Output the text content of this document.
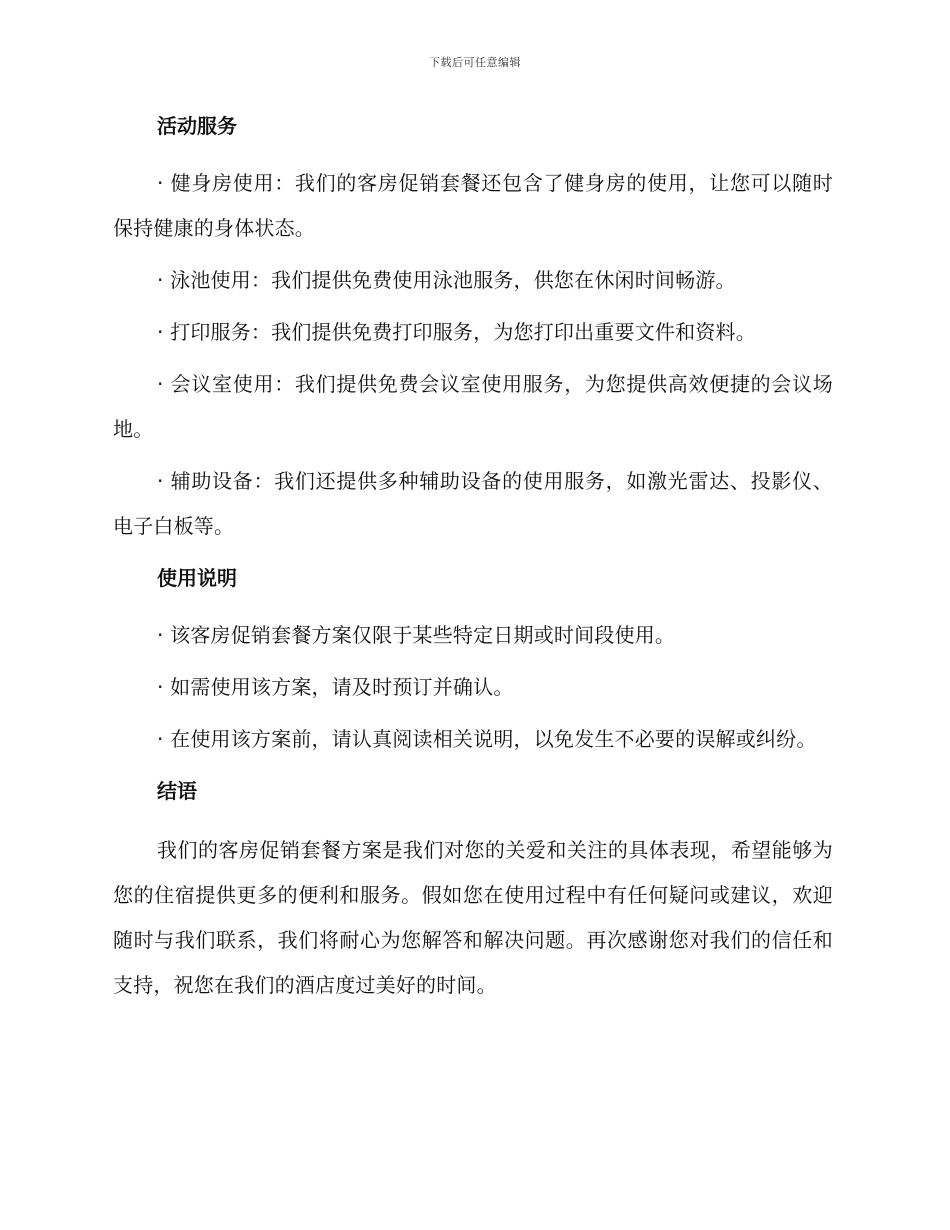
下载后可任意编辑
活动服务

· 健身房使用：我们的客房促销套餐还包含了健身房的使用，让您可以随时保持健康的身体状态。

· 泳池使用：我们提供免费使用泳池服务，供您在休闲时间畅游。

· 打印服务：我们提供免费打印服务，为您打印出重要文件和资料。

· 会议室使用：我们提供免费会议室使用服务，为您提供高效便捷的会议场地。

· 辅助设备：我们还提供多种辅助设备的使用服务，如激光雷达、投影仪、电子白板等。

使用说明

· 该客房促销套餐方案仅限于某些特定日期或时间段使用。

· 如需使用该方案，请及时预订并确认。

· 在使用该方案前，请认真阅读相关说明，以免发生不必要的误解或纠纷。

结语

我们的客房促销套餐方案是我们对您的关爱和关注的具体表现，希望能够为您的住宿提供更多的便利和服务。假如您在使用过程中有任何疑问或建议，欢迎随时与我们联系，我们将耐心为您解答和解决问题。再次感谢您对我们的信任和支持，祝您在我们的酒店度过美好的时间。
